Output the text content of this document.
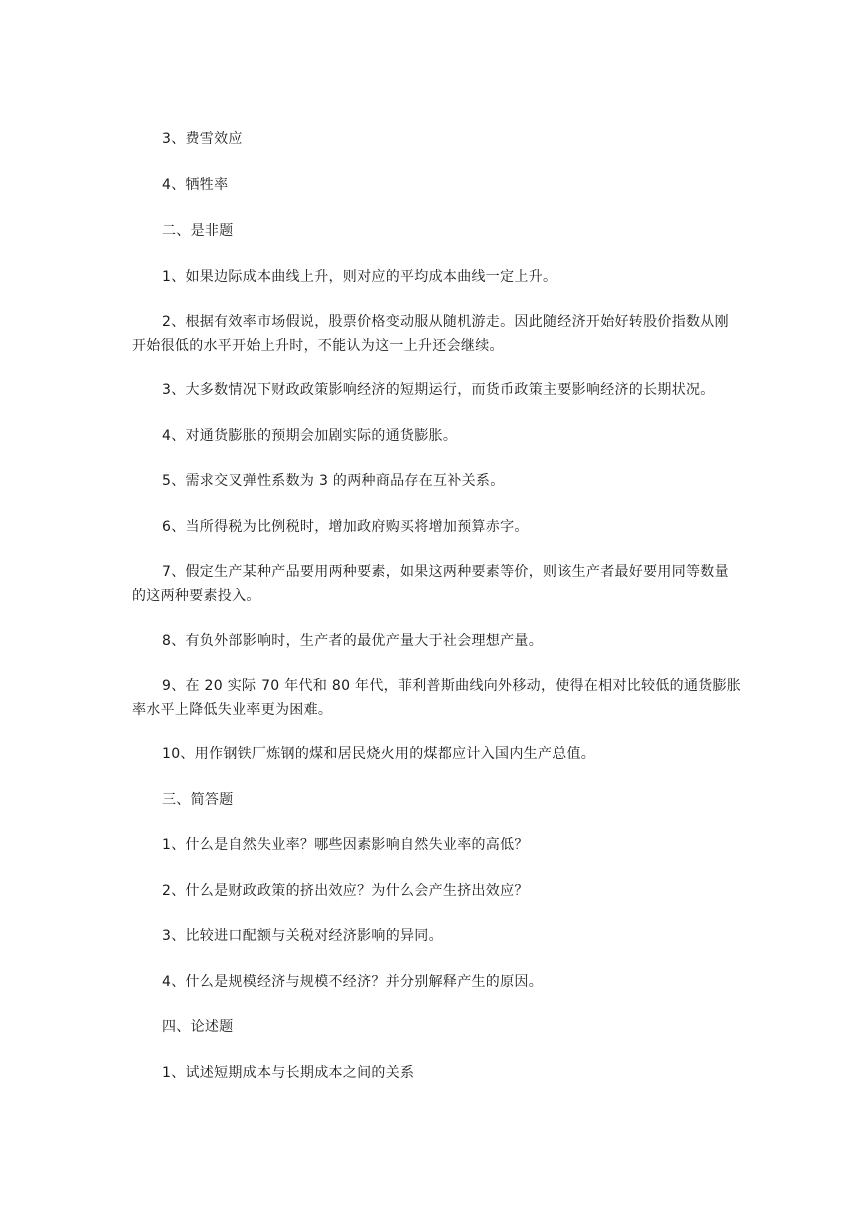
3、费雪效应

4、牺牲率

二、是非题

1、如果边际成本曲线上升，则对应的平均成本曲线一定上升。

2、根据有效率市场假说，股票价格变动服从随机游走。因此随经济开始好转股价指数从刚开始很低的水平开始上升时，不能认为这一上升还会继续。

3、大多数情况下财政政策影响经济的短期运行，而货币政策主要影响经济的长期状况。

4、对通货膨胀的预期会加剧实际的通货膨胀。

5、需求交叉弹性系数为 3 的两种商品存在互补关系。

6、当所得税为比例税时，增加政府购买将增加预算赤字。

7、假定生产某种产品要用两种要素，如果这两种要素等价，则该生产者最好要用同等数量的这两种要素投入。

8、有负外部影响时，生产者的最优产量大于社会理想产量。

9、在 20 实际 70 年代和 80 年代，菲利普斯曲线向外移动，使得在相对比较低的通货膨胀率水平上降低失业率更为困难。

10、用作钢铁厂炼钢的煤和居民烧火用的煤都应计入国内生产总值。

三、简答题

1、什么是自然失业率？哪些因素影响自然失业率的高低？

2、什么是财政政策的挤出效应？为什么会产生挤出效应？

3、比较进口配额与关税对经济影响的异同。

4、什么是规模经济与规模不经济？并分别解释产生的原因。

四、论述题

1、试述短期成本与长期成本之间的关系
